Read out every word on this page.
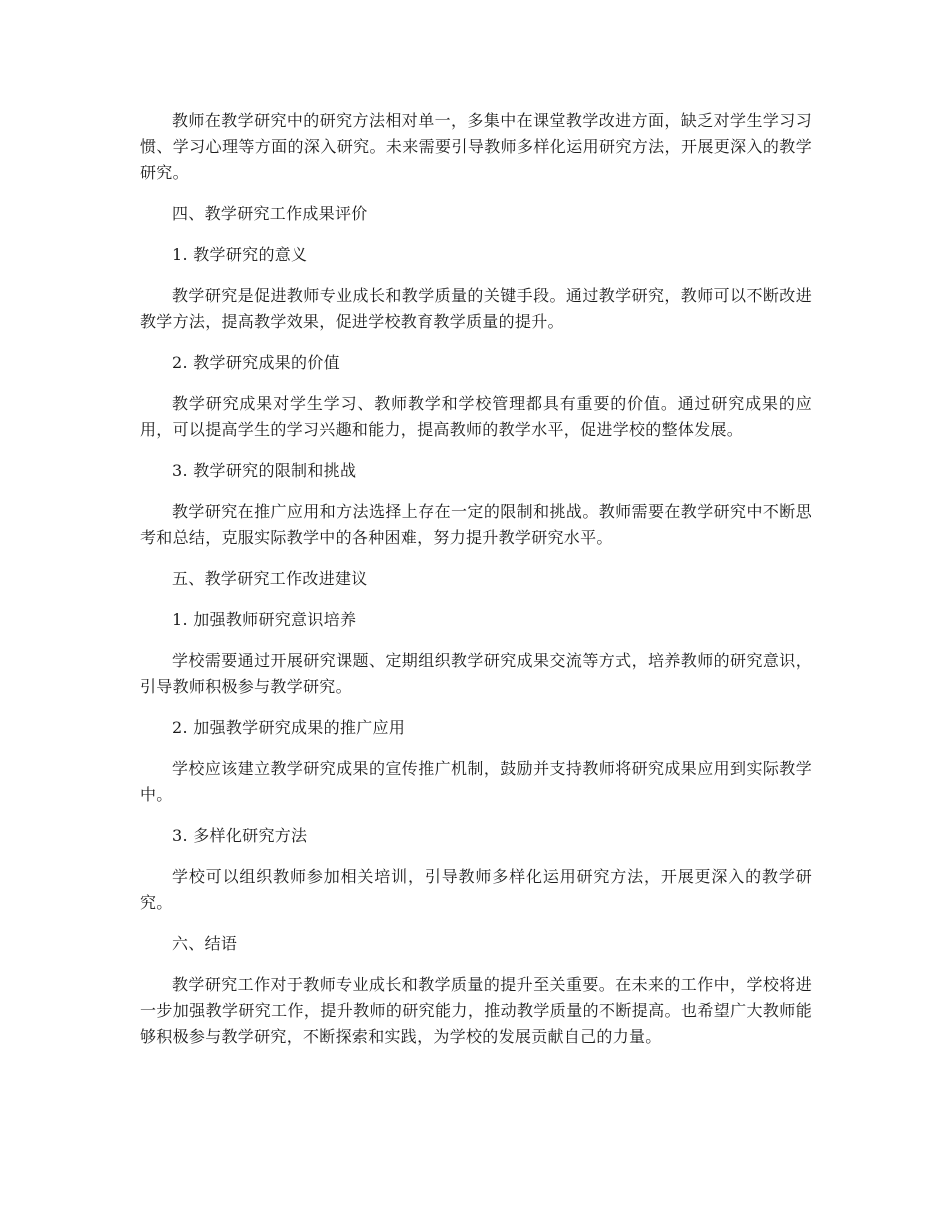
教师在教学研究中的研究方法相对单一，多集中在课堂教学改进方面，缺乏对学生学习习惯、学习心理等方面的深入研究。未来需要引导教师多样化运用研究方法，开展更深入的教学研究。

四、教学研究工作成果评价

1. 教学研究的意义

教学研究是促进教师专业成长和教学质量的关键手段。通过教学研究，教师可以不断改进教学方法，提高教学效果，促进学校教育教学质量的提升。

2. 教学研究成果的价值

教学研究成果对学生学习、教师教学和学校管理都具有重要的价值。通过研究成果的应用，可以提高学生的学习兴趣和能力，提高教师的教学水平，促进学校的整体发展。

3. 教学研究的限制和挑战

教学研究在推广应用和方法选择上存在一定的限制和挑战。教师需要在教学研究中不断思考和总结，克服实际教学中的各种困难，努力提升教学研究水平。

五、教学研究工作改进建议

1. 加强教师研究意识培养

学校需要通过开展研究课题、定期组织教学研究成果交流等方式，培养教师的研究意识，引导教师积极参与教学研究。

2. 加强教学研究成果的推广应用

学校应该建立教学研究成果的宣传推广机制，鼓励并支持教师将研究成果应用到实际教学中。

3. 多样化研究方法

学校可以组织教师参加相关培训，引导教师多样化运用研究方法，开展更深入的教学研究。

六、结语

教学研究工作对于教师专业成长和教学质量的提升至关重要。在未来的工作中，学校将进一步加强教学研究工作，提升教师的研究能力，推动教学质量的不断提高。也希望广大教师能够积极参与教学研究，不断探索和实践，为学校的发展贡献自己的力量。
